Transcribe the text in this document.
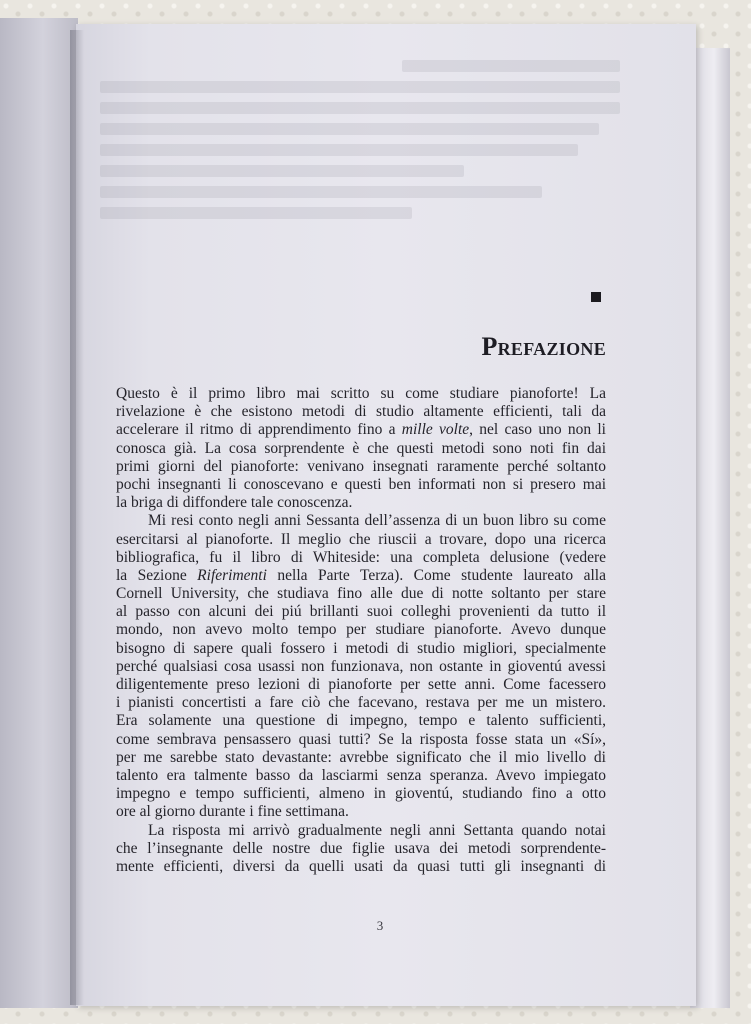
Prefazione
Questo è il primo libro mai scritto su come studiare pianoforte! La
rivelazione è che esistono metodi di studio altamente efficienti, tali da
accelerare il ritmo di apprendimento fino a mille volte, nel caso uno non li
conosca già. La cosa sorprendente è che questi metodi sono noti fin dai
primi giorni del pianoforte: venivano insegnati raramente perché soltanto
pochi insegnanti li conoscevano e questi ben informati non si presero mai
la briga di diffondere tale conoscenza.
Mi resi conto negli anni Sessanta dell’assenza di un buon libro su come
esercitarsi al pianoforte. Il meglio che riuscii a trovare, dopo una ricerca
bibliografica, fu il libro di Whiteside: una completa delusione (vedere
la Sezione Riferimenti nella Parte Terza). Come studente laureato alla
Cornell University, che studiava fino alle due di notte soltanto per stare
al passo con alcuni dei piú brillanti suoi colleghi provenienti da tutto il
mondo, non avevo molto tempo per studiare pianoforte. Avevo dunque
bisogno di sapere quali fossero i metodi di studio migliori, specialmente
perché qualsiasi cosa usassi non funzionava, non ostante in gioventú avessi
diligentemente preso lezioni di pianoforte per sette anni. Come facessero
i pianisti concertisti a fare ciò che facevano, restava per me un mistero.
Era solamente una questione di impegno, tempo e talento sufficienti,
come sembrava pensassero quasi tutti? Se la risposta fosse stata un «Sí»,
per me sarebbe stato devastante: avrebbe significato che il mio livello di
talento era talmente basso da lasciarmi senza speranza. Avevo impiegato
impegno e tempo sufficienti, almeno in gioventú, studiando fino a otto
ore al giorno durante i fine settimana.
La risposta mi arrivò gradualmente negli anni Settanta quando notai
che l’insegnante delle nostre due figlie usava dei metodi sorprendente-
mente efficienti, diversi da quelli usati da quasi tutti gli insegnanti di
3
